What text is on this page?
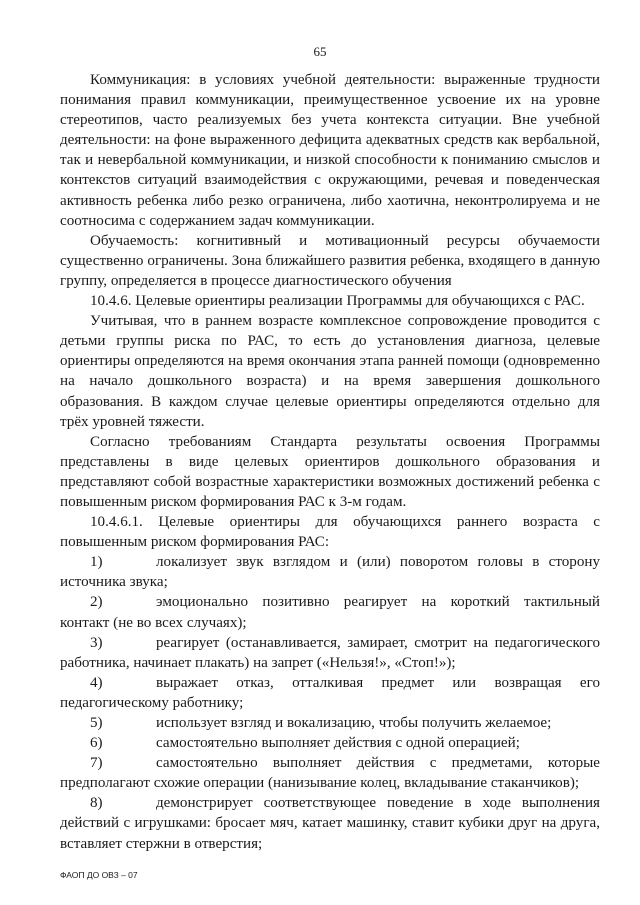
65

Коммуникация: в условиях учебной деятельности: выраженные трудности понимания правил коммуникации, преимущественное усвоение их на уровне стереотипов, часто реализуемых без учета контекста ситуации. Вне учебной деятельности: на фоне выраженного дефицита адекватных средств как вербальной, так и невербальной коммуникации, и низкой способности к пониманию смыслов и контекстов ситуаций взаимодействия с окружающими, речевая и поведенческая активность ребенка либо резко ограничена, либо хаотична, неконтролируема и не соотносима с содержанием задач коммуникации.

Обучаемость: когнитивный и мотивационный ресурсы обучаемости существенно ограничены. Зона ближайшего развития ребенка, входящего в данную группу, определяется в процессе диагностического обучения

10.4.6. Целевые ориентиры реализации Программы для обучающихся с РАС.

Учитывая, что в раннем возрасте комплексное сопровождение проводится с детьми группы риска по РАС, то есть до установления диагноза, целевые ориентиры определяются на время окончания этапа ранней помощи (одновременно на начало дошкольного возраста) и на время завершения дошкольного образования. В каждом случае целевые ориентиры определяются отдельно для трёх уровней тяжести.

Согласно требованиям Стандарта результаты освоения Программы представлены в виде целевых ориентиров дошкольного образования и представляют собой возрастные характеристики возможных достижений ребенка с повышенным риском формирования РАС к 3-м годам.

10.4.6.1. Целевые ориентиры для обучающихся раннего возраста с повышенным риском формирования РАС:

1)	локализует звук взглядом и (или) поворотом головы в сторону источника звука;

2)	эмоционально позитивно реагирует на короткий тактильный контакт (не во всех случаях);

3)	реагирует (останавливается, замирает, смотрит на педагогического работника, начинает плакать) на запрет («Нельзя!», «Стоп!»);

4)	выражает отказ, отталкивая предмет или возвращая его педагогическому работнику;

5)	использует взгляд и вокализацию, чтобы получить желаемое;

6)	самостоятельно выполняет действия с одной операцией;

7)	самостоятельно выполняет действия с предметами, которые предполагают схожие операции (нанизывание колец, вкладывание стаканчиков);

8)	демонстрирует соответствующее поведение в ходе выполнения действий с игрушками: бросает мяч, катает машинку, ставит кубики друг на друга, вставляет стержни в отверстия;

ФАОП ДО ОВЗ – 07
